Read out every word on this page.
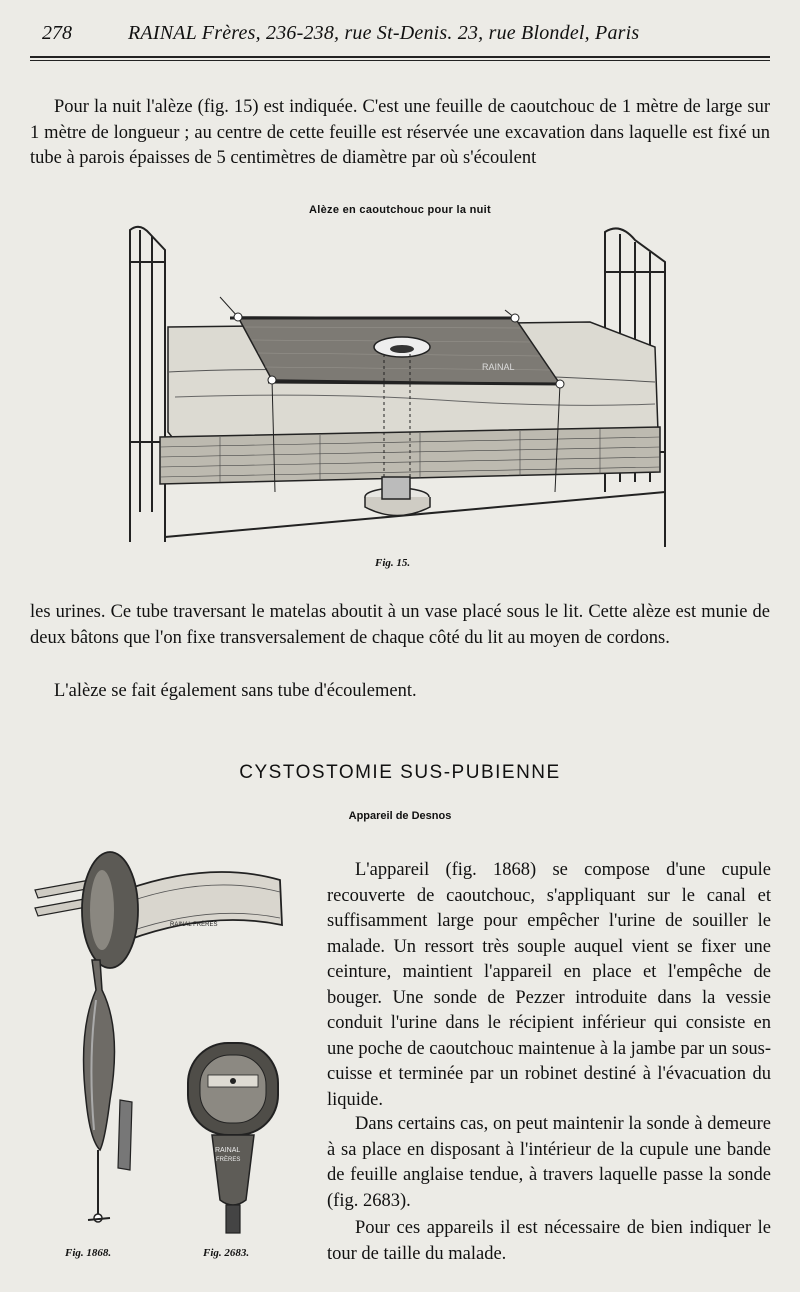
278	RAINAL Frères, 236-238, rue St-Denis. 23, rue Blondel, Paris
Pour la nuit l'alèze (fig. 15) est indiquée. C'est une feuille de caoutchouc de 1 mètre de large sur 1 mètre de longueur ; au centre de cette feuille est réservée une excavation dans laquelle est fixé un tube à parois épaisses de 5 centimètres de diamètre par où s'écoulent
Alèze en caoutchouc pour la nuit
RAINAL
Fig. 15.
les urines. Ce tube traversant le matelas aboutit à un vase placé sous le lit. Cette alèze est munie de deux bâtons que l'on fixe transversalement de chaque côté du lit au moyen de cordons.
L'alèze se fait également sans tube d'écoulement.
CYSTOSTOMIE SUS-PUBIENNE
Appareil de Desnos
RAINAL FRÈRES
Fig. 1868.
RAINAL
FRÈRES
Fig. 2683.
L'appareil (fig. 1868) se compose d'une cupule recouverte de caoutchouc, s'appliquant sur le canal et suffisamment large pour empêcher l'urine de souiller le malade. Un ressort très souple auquel vient se fixer une ceinture, maintient l'appareil en place et l'empêche de bouger. Une sonde de Pezzer introduite dans la vessie conduit l'urine dans le récipient inférieur qui consiste en une poche de caoutchouc maintenue à la jambe par un sous-cuisse et terminée par un robinet destiné à l'évacuation du liquide.
Dans certains cas, on peut maintenir la sonde à demeure à sa place en disposant à l'intérieur de la cupule une bande de feuille anglaise tendue, à travers laquelle passe la sonde (fig. 2683).
Pour ces appareils il est nécessaire de bien indiquer le tour de taille du malade.
